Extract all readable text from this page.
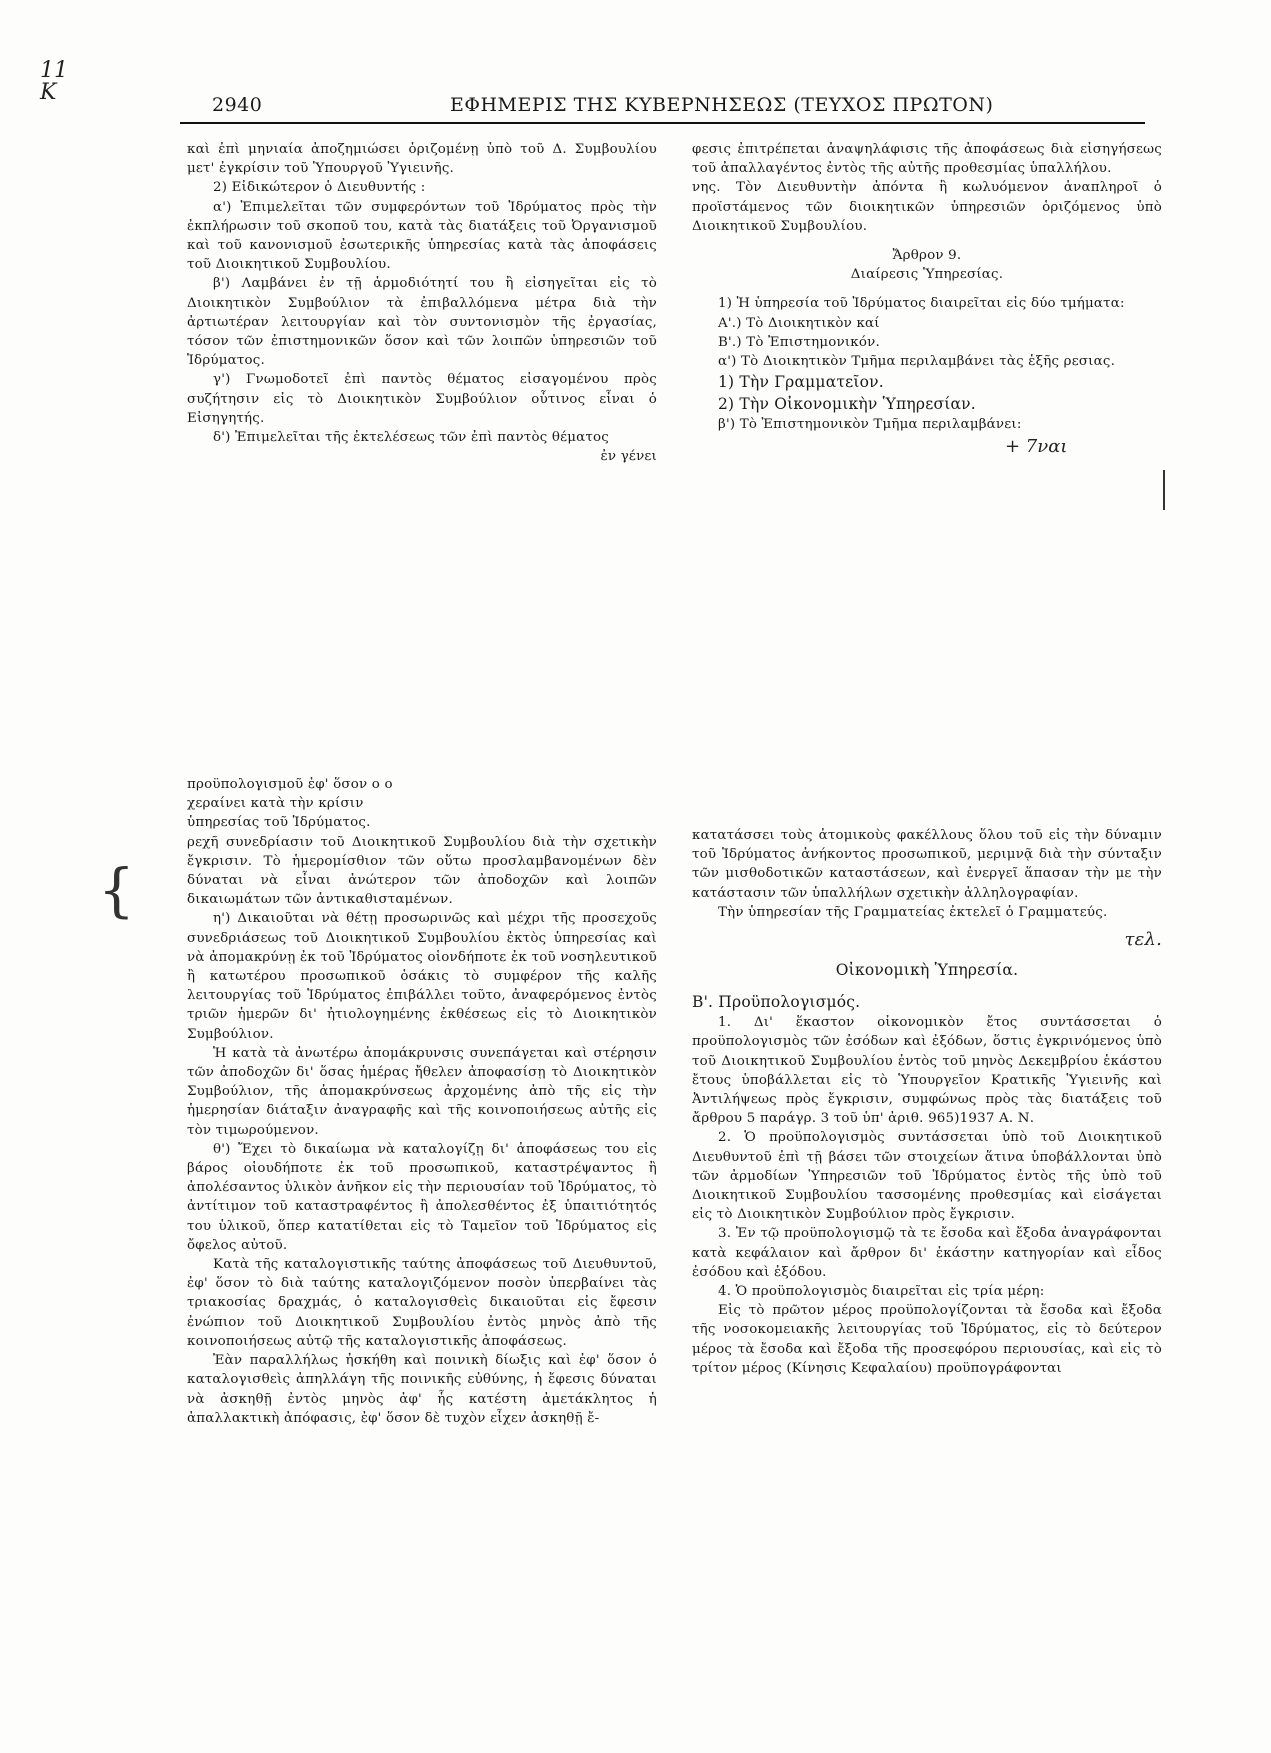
11
Κ	2940	ΕΦΗΜΕΡΙΣ ΤΗΣ ΚΥΒΕΡΝΗΣΕΩΣ (ΤΕΥΧΟΣ ΠΡΩΤΟΝ)

καὶ ἐπὶ μηνιαία ἀποζημιώσει ὁριζομένῃ ὑπὸ τοῦ Δ. Συμβουλίου μετ' ἐγκρίσιν τοῦ Ὑπουργοῦ Ὑγιεινῆς.

2) Εἰδικώτερον ὁ Διευθυντής :

α') Ἐπιμελεῖται τῶν συμφερόντων τοῦ Ἱδρύματος πρὸς τὴν ἐκπλήρωσιν τοῦ σκοποῦ του, κατὰ τὰς διατάξεις τοῦ Ὀργανισμοῦ καὶ τοῦ κανονισμοῦ ἐσωτερικῆς ὑπηρεσίας κατὰ τὰς ἀποφάσεις τοῦ Διοικητικοῦ Συμβουλίου.

β') Λαμβάνει ἐν τῇ ἁρμοδιότητί του ἢ εἰσηγεῖται εἰς τὸ Διοικητικὸν Συμβούλιον τὰ ἐπιβαλλόμενα μέτρα διὰ τὴν ἀρτιωτέραν λειτουργίαν καὶ τὸν συντονισμὸν τῆς ἐργασίας, τόσον τῶν ἐπιστημονικῶν ὅσον καὶ τῶν λοιπῶν ὑπηρεσιῶν τοῦ Ἱδρύματος.

γ') Γνωμοδοτεῖ ἐπὶ παντὸς θέματος εἰσαγομένου πρὸς συζήτησιν εἰς τὸ Διοικητικὸν Συμβούλιον οὗτινος εἶναι ὁ Εἰσηγητής.

δ') Ἐπιμελεῖται τῆς ἐκτελέσεως τῶν ἐπὶ παντὸς θέματος

ἐν γένει

φεσις ἐπιτρέπεται ἀναψηλάφισις τῆς ἀποφάσεως διὰ εἰσηγήσεως τοῦ ἀπαλλαγέντος ἐντὸς τῆς αὐτῆς προθεσμίας ὑπαλλήλου.

νης. Τὸν Διευθυντὴν ἀπόντα ἢ κωλυόμενον ἀναπληροῖ ὁ προϊστάμενος τῶν διοικητικῶν ὑπηρεσιῶν ὁριζόμενος ὑπὸ Διοικητικοῦ Συμβουλίου.

Ἄρθρον 9.

Διαίρεσις Ὑπηρεσίας.

1) Ἡ ὑπηρεσία τοῦ Ἱδρύματος διαιρεῖται εἰς δύο τμήματα:

Α'.) Τὸ Διοικητικὸν καί

Β'.) Τὸ Ἐπιστημονικόν.

α') Τὸ Διοικητικὸν Τμῆμα περιλαμβάνει τὰς ἑξῆς ρεσιας.

1) Τὴν Γραμματεῖον.

2) Τὴν Οἰκονομικὴν Ὑπηρεσίαν.

β') Τὸ Ἐπιστημονικὸν Τμῆμα περιλαμβάνει:

+ 7ναι
{

προϋπολογισμοῦ ἐφ' ὅσον ο ο

χεραίνει κατὰ τὴν κρίσιν

ὑπηρεσίας τοῦ Ἱδρύματος.

ρεχῆ συνεδρίασιν τοῦ Διοικητικοῦ Συμβουλίου διὰ τὴν σχετικὴν ἔγκρισιν. Τὸ ἡμερομίσθιον τῶν οὕτω προσλαμβανομένων δὲν δύναται νὰ εἶναι ἀνώτερον τῶν ἀποδοχῶν καὶ λοιπῶν δικαιωμάτων τῶν ἀντικαθισταμένων.

η') Δικαιοῦται νὰ θέτῃ προσωρινῶς καὶ μέχρι τῆς προσεχοῦς συνεδριάσεως τοῦ Διοικητικοῦ Συμβουλίου ἐκτὸς ὑπηρεσίας καὶ νὰ ἀπομακρύνῃ ἐκ τοῦ Ἱδρύματος οἱονδήποτε ἐκ τοῦ νοσηλευτικοῦ ἢ κατωτέρου προσωπικοῦ ὁσάκις τὸ συμφέρον τῆς καλῆς λειτουργίας τοῦ Ἱδρύματος ἐπιβάλλει τοῦτο, ἀναφερόμενος ἐντὸς τριῶν ἡμερῶν δι' ἠτιολογημένης ἐκθέσεως εἰς τὸ Διοικητικὸν Συμβούλιον.

Ἡ κατὰ τὰ ἀνωτέρω ἀπομάκρυνσις συνεπάγεται καὶ στέρησιν τῶν ἀποδοχῶν δι' ὅσας ἡμέρας ἤθελεν ἀποφασίσῃ τὸ Διοικητικὸν Συμβούλιον, τῆς ἀπομακρύνσεως ἀρχομένης ἀπὸ τῆς εἰς τὴν ἡμερησίαν διάταξιν ἀναγραφῆς καὶ τῆς κοινοποιήσεως αὐτῆς εἰς τὸν τιμωρούμενον.

θ') Ἔχει τὸ δικαίωμα νὰ καταλογίζῃ δι' ἀποφάσεως του εἰς βάρος οἱουδήποτε ἐκ τοῦ προσωπικοῦ, καταστρέψαντος ἢ ἀπολέσαντος ὑλικὸν ἀνῆκον εἰς τὴν περιουσίαν τοῦ Ἱδρύματος, τὸ ἀντίτιμον τοῦ καταστραφέντος ἢ ἀπολεσθέντος ἐξ ὑπαιτιότητός του ὑλικοῦ, ὅπερ κατατίθεται εἰς τὸ Ταμεῖον τοῦ Ἱδρύματος εἰς ὄφελος αὐτοῦ.

Κατὰ τῆς καταλογιστικῆς ταύτης ἀποφάσεως τοῦ Διευθυντοῦ, ἐφ' ὅσον τὸ διὰ ταύτης καταλογιζόμενον ποσὸν ὑπερβαίνει τὰς τριακοσίας δραχμάς, ὁ καταλογισθεὶς δικαιοῦται εἰς ἔφεσιν ἐνώπιον τοῦ Διοικητικοῦ Συμβουλίου ἐντὸς μηνὸς ἀπὸ τῆς κοινοποιήσεως αὐτῷ τῆς καταλογιστικῆς ἀποφάσεως.

Ἐὰν παραλλήλως ἠσκήθη καὶ ποινικὴ δίωξις καὶ ἐφ' ὅσον ὁ καταλογισθεὶς ἀπηλλάγη τῆς ποινικῆς εὐθύνης, ἡ ἔφεσις δύναται νὰ ἀσκηθῇ ἐντὸς μηνὸς ἀφ' ἧς κατέστη ἀμετάκλητος ἡ ἀπαλλακτικὴ ἀπόφασις, ἐφ' ὅσον δὲ τυχὸν εἶχεν ἀσκηθῇ ἔ-

κατατάσσει τοὺς ἀτομικοὺς φακέλλους ὅλου τοῦ εἰς τὴν δύναμιν τοῦ Ἱδρύματος ἀνήκοντος προσωπικοῦ, μεριμνᾷ διὰ τὴν σύνταξιν τῶν μισθοδοτικῶν καταστάσεων, καὶ ἐνεργεῖ ἅπασαν τὴν με τὴν κατάστασιν τῶν ὑπαλλήλων σχετικὴν ἀλληλογραφίαν.

Τὴν ὑπηρεσίαν τῆς Γραμματείας ἐκτελεῖ ὁ Γραμματεύς.

τελ.

Οἰκονομικὴ Ὑπηρεσία.

Β'. Προϋπολογισμός.

1. Δι' ἕκαστον οἰκονομικὸν ἔτος συντάσσεται ὁ προϋπολογισμὸς τῶν ἐσόδων καὶ ἐξόδων, ὅστις ἐγκρινόμενος ὑπὸ τοῦ Διοικητικοῦ Συμβουλίου ἐντὸς τοῦ μηνὸς Δεκεμβρίου ἑκάστου ἔτους ὑποβάλλεται εἰς τὸ Ὑπουργεῖον Κρατικῆς Ὑγιεινῆς καὶ Ἀντιλήψεως πρὸς ἔγκρισιν, συμφώνως πρὸς τὰς διατάξεις τοῦ ἄρθρου 5 παράγρ. 3 τοῦ ὑπ' ἀριθ. 965)1937 Α. Ν.

2. Ὁ προϋπολογισμὸς συντάσσεται ὑπὸ τοῦ Διοικητικοῦ Διευθυντοῦ ἐπὶ τῇ βάσει τῶν στοιχείων ἅτινα ὑποβάλλονται ὑπὸ τῶν ἀρμοδίων Ὑπηρεσιῶν τοῦ Ἱδρύματος ἐντὸς τῆς ὑπὸ τοῦ Διοικητικοῦ Συμβουλίου τασσομένης προθεσμίας καὶ εἰσάγεται εἰς τὸ Διοικητικὸν Συμβούλιον πρὸς ἔγκρισιν.

3. Ἐν τῷ προϋπολογισμῷ τὰ τε ἔσοδα καὶ ἔξοδα ἀναγράφονται κατὰ κεφάλαιον καὶ ἄρθρον δι' ἑκάστην κατηγορίαν καὶ εἶδος ἐσόδου καὶ ἐξόδου.

4. Ὁ προϋπολογισμὸς διαιρεῖται εἰς τρία μέρη:

Εἰς τὸ πρῶτον μέρος προϋπολογίζονται τὰ ἔσοδα καὶ ἔξοδα τῆς νοσοκομειακῆς λειτουργίας τοῦ Ἱδρύματος, εἰς τὸ δεύτερον μέρος τὰ ἔσοδα καὶ ἔξοδα τῆς προσεφόρου περιουσίας, καὶ εἰς τὸ τρίτον μέρος (Κίνησις Κεφαλαίου) προϋπογράφονται
